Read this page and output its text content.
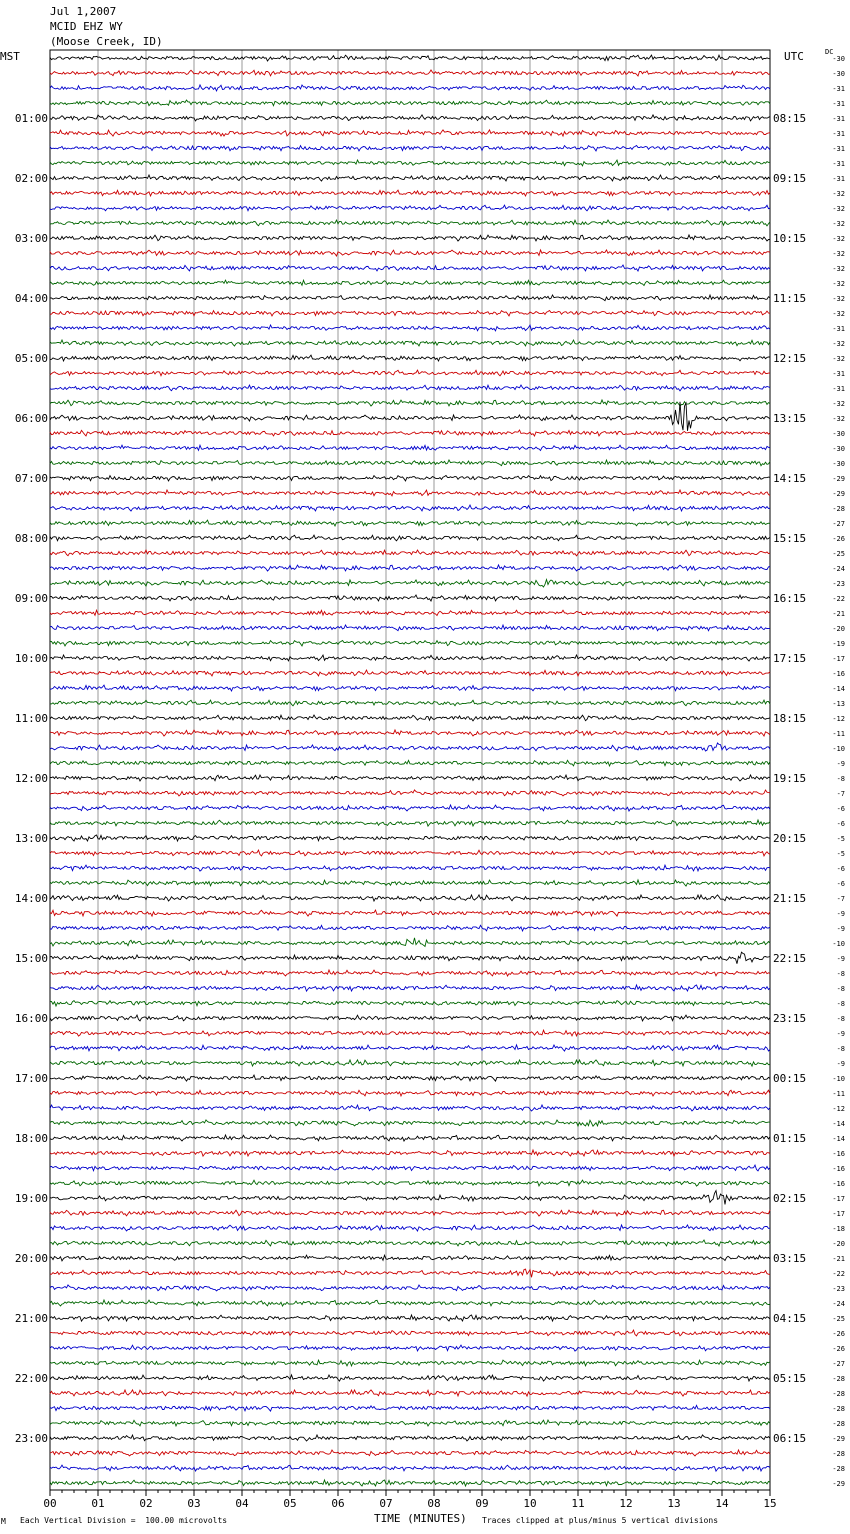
Jul 1,2007
MCID EHZ WY
(Moose Creek, ID)
MST	UTC	DC
-30
-30
-31
-31
-31
-31
-31
-31
-31
-32
-32
-32
-32
-32
-32
-32
-32
-32
-31
-32
-32
-31
-31
-32
-32
-30
-30
-30
-29
-29
-28
-27
-26
-25
-24
-23
-22
-21
-20
-19
-17
-16
-14
-13
-12
-11
-10
-9
-8
-7
-6
-6
-5
-5
-6
-6
-7
-9
-9
-10
-9
-8
-8
-8
-8
-9
-8
-9
-10
-11
-12
-14
-14
-16
-16
-16
-17
-17
-18
-20
-21
-22
-23
-24
-25
-26
-26
-27
-28
-28
-28
-28
-29
-28
-28
-29
01:00	08:15
02:00	09:15
03:00	10:15
04:00	11:15
05:00	12:15
06:00	13:15
07:00	14:15
08:00	15:15
09:00	16:15
10:00	17:15
11:00	18:15
12:00	19:15
13:00	20:15
14:00	21:15
15:00	22:15
16:00	23:15
17:00	00:15
18:00	01:15
19:00	02:15
20:00	03:15
21:00	04:15
22:00	05:15
23:00	06:15
00	01	02	03	04	05	06	07	08	09	10	11	12	13	14	15
M Each Vertical Division =  100.00 microvolts	TIME (MINUTES) Traces clipped at plus/minus 5 vertical divisions
